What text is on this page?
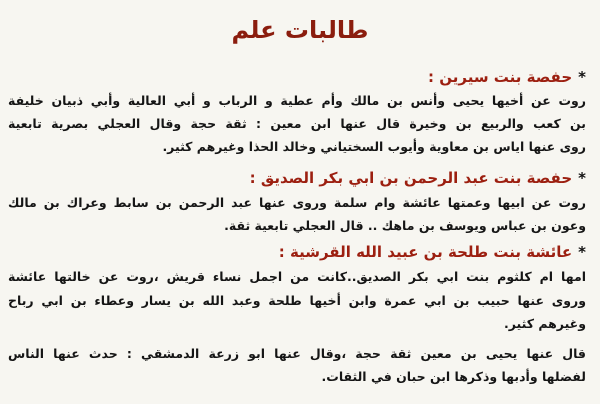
طالبات علم
*حفصة بنت سيرين :
روت عن أخيها يحيى وأنس بن مالك وأم عطية و الرباب و أبي العالية وأبي ذبيان خليفة
بن كعب والربيع بن وخيرة قال عنها ابن معين : ثقة حجة وقال العجلي بصرية تابعية
روى عنها اياس بن معاوية وأيوب السختياني وخالد الحذا وغيرهم كثير.
*حفصة بنت عبد الرحمن بن ابي بكر الصديق :
روت عن ابيها وعمتها عائشة وام سلمة وروى عنها عبد الرحمن بن سابط وعراك بن مالك
وعون بن عباس ويوسف بن ماهك .. قال العجلي تابعية ثقة.
*عائشة بنت طلحة بن عبيد الله القرشية :
امها ام كلثوم بنت ابي بكر الصديق..كانت من اجمل نساء قريش ،روت عن خالتها عائشة
وروى عنها حبيب بن ابي عمرة وابن أخيها طلحة وعبد الله بن يسار وعطاء بن ابي رباح
وغيرهم كثير.
قال عنها يحيى بن معين ثقة حجة ،وقال عنها ابو زرعة الدمشقي : حدث عنها الناس
لفضلها وأدبها وذكرها ابن حبان في الثقات.
